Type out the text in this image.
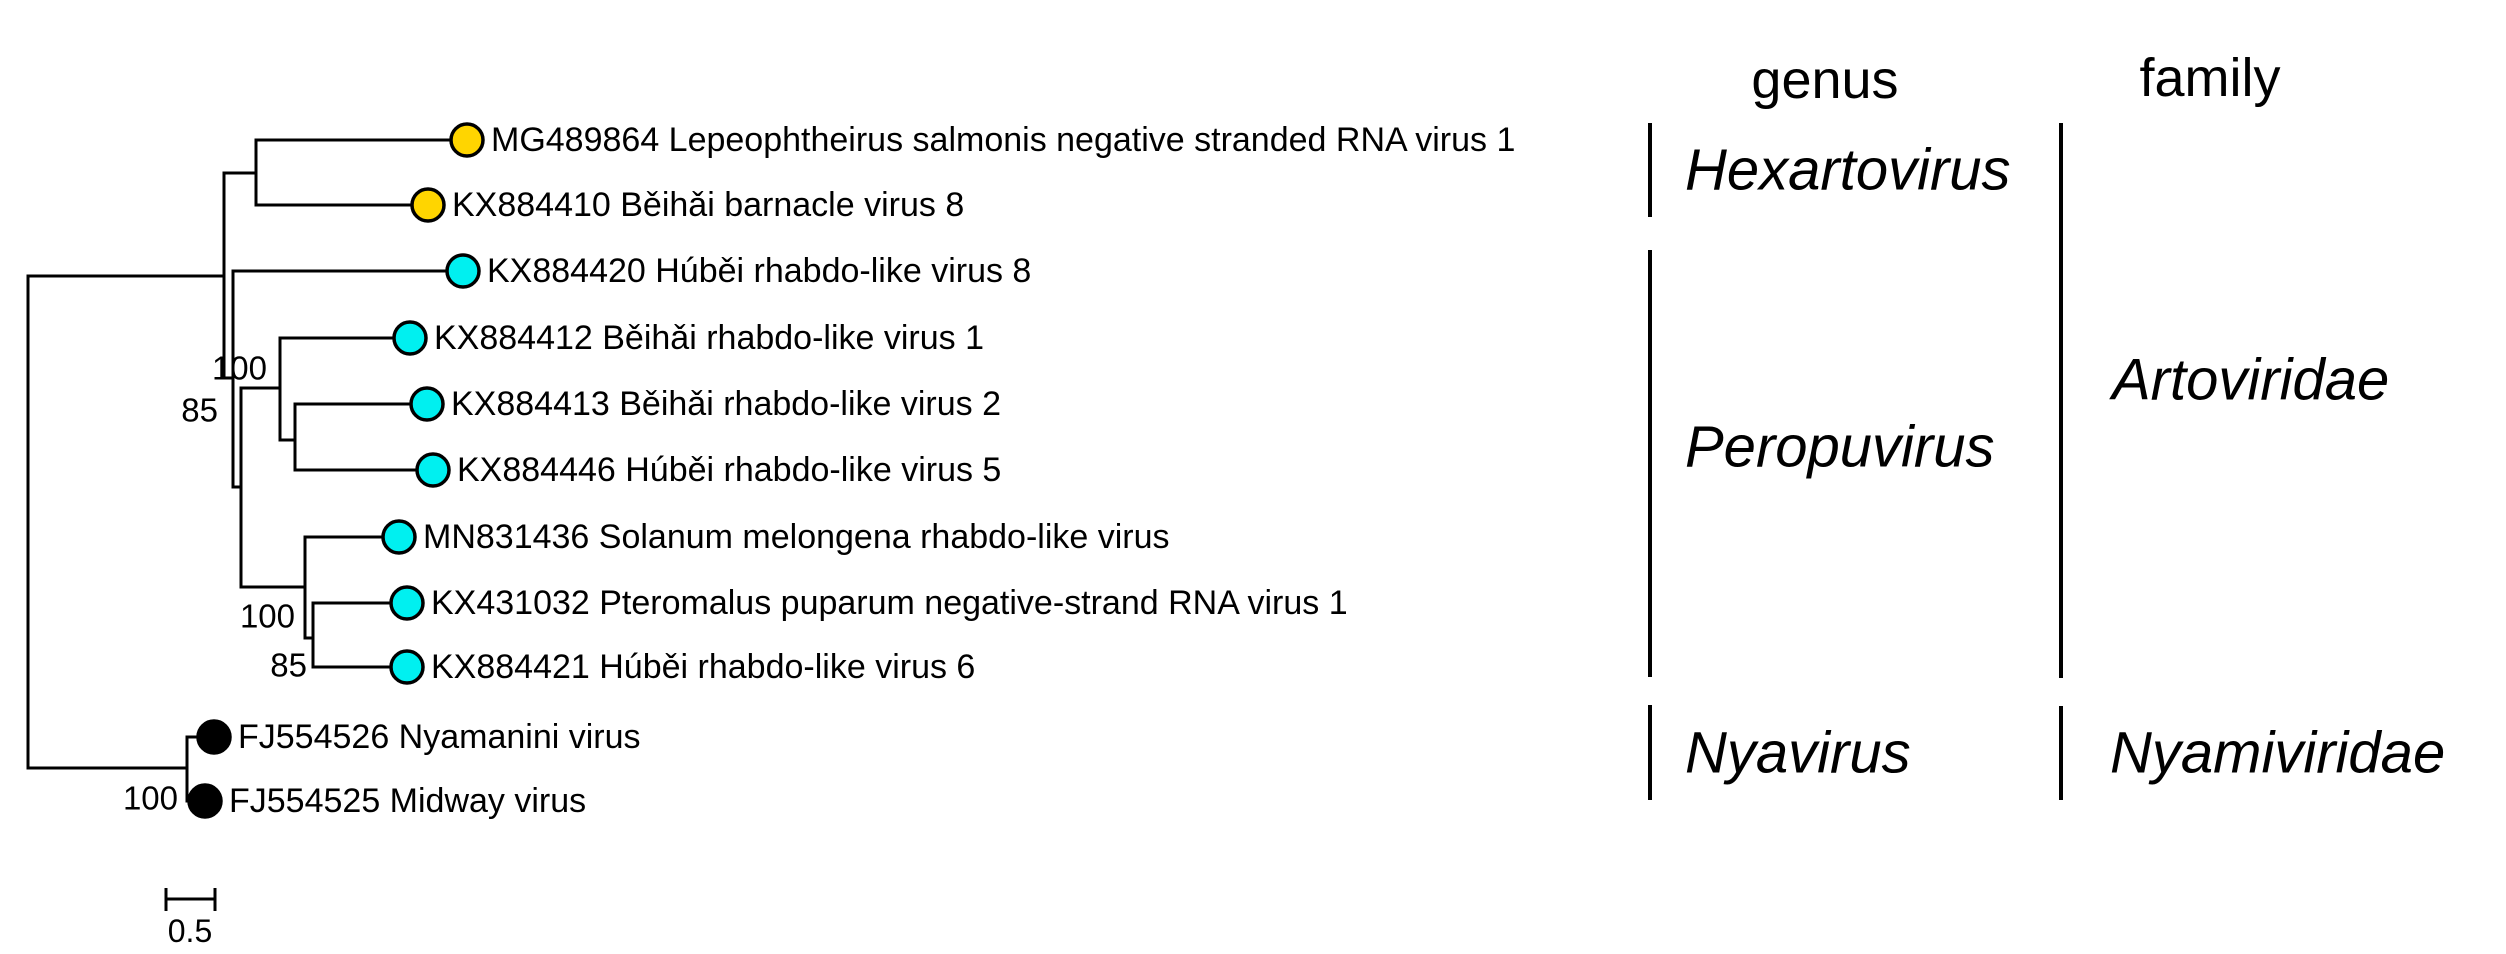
MG489864 Lepeophtheirus salmonis negative stranded RNA virus 1
KX884410 Běihǎi barnacle virus 8
KX884420 Húběi rhabdo-like virus 8
KX884412 Běihǎi rhabdo-like virus 1
KX884413 Běihǎi rhabdo-like virus 2
KX884446 Húběi rhabdo-like virus 5
MN831436 Solanum melongena rhabdo-like virus
KX431032 Pteromalus puparum negative-strand RNA virus 1
KX884421 Húběi rhabdo-like virus 6
FJ554526 Nyamanini virus
FJ554525 Midway virus
100
85
100
85
100
genus
Hexartovirus
Peropuvirus
Nyavirus
family
Artoviridae
Nyamiviridae
0.5
